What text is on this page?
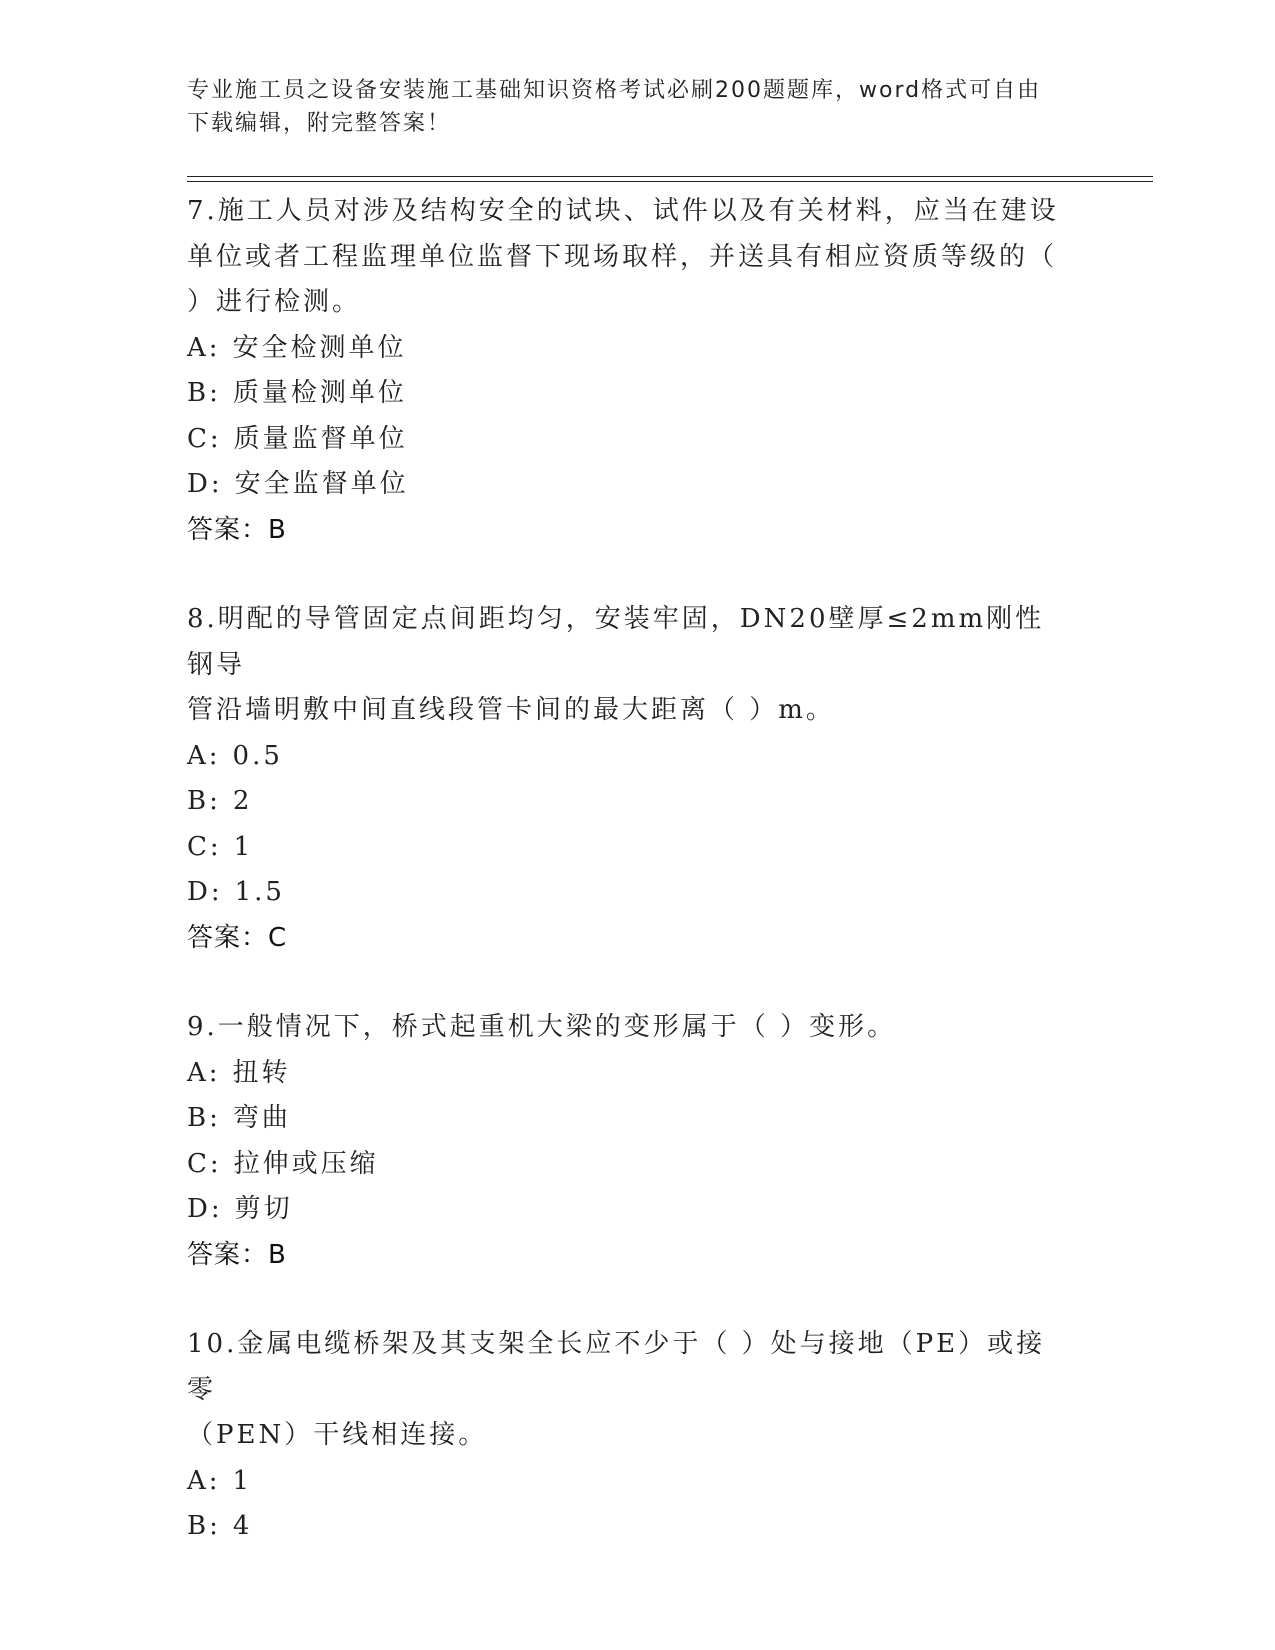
专业施工员之设备安装施工基础知识资格考试必刷200题题库，word格式可自由
下载编辑，附完整答案！

7.施工人员对涉及结构安全的试块、试件以及有关材料，应当在建设

单位或者工程监理单位监督下现场取样，并送具有相应资质等级的（

）进行检测。

A: 安全检测单位

B: 质量检测单位

C: 质量监督单位

D: 安全监督单位

答案：B

8.明配的导管固定点间距均匀，安装牢固，DN20壁厚≤2mm刚性钢导

管沿墙明敷中间直线段管卡间的最大距离（ ）m。

A: 0.5

B: 2

C: 1

D: 1.5

答案：C

9.一般情况下，桥式起重机大梁的变形属于（ ）变形。

A: 扭转

B: 弯曲

C: 拉伸或压缩

D: 剪切

答案：B

10.金属电缆桥架及其支架全长应不少于（ ）处与接地（PE）或接零

（PEN）干线相连接。

A: 1

B: 4
